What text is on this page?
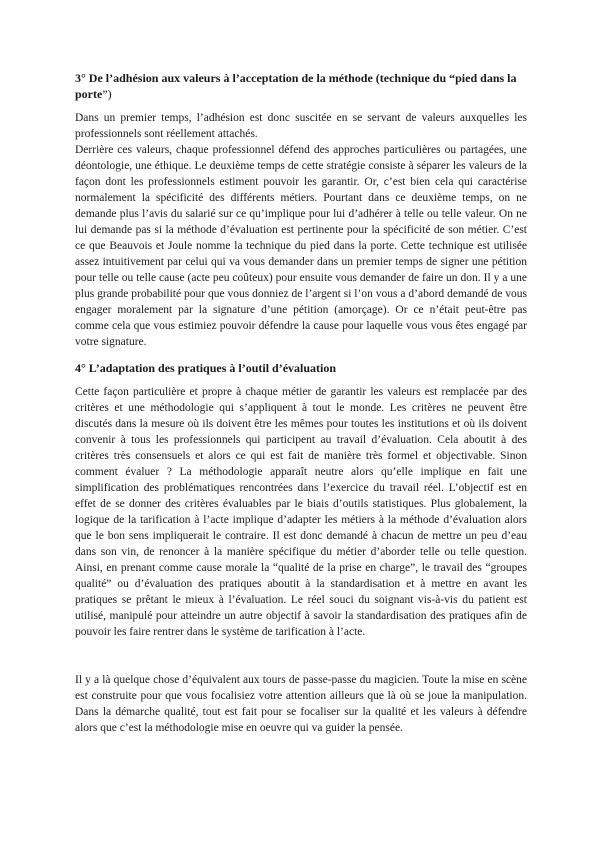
3° De l’adhésion aux valeurs à l’acceptation de la méthode (technique du “pied dans la porte”)

Dans un premier temps, l’adhésion est donc suscitée en se servant de valeurs auxquelles les professionnels sont réellement attachés.

Derrière ces valeurs, chaque professionnel défend des approches particulières ou partagées, une déontologie, une éthique. Le deuxième temps de cette stratégie consiste à séparer les valeurs de la façon dont les professionnels estiment pouvoir les garantir. Or, c’est bien cela qui caractérise normalement la spécificité des différents métiers. Pourtant dans ce deuxième temps, on ne demande plus l’avis du salarié sur ce qu’implique pour lui d’adhérer à telle ou telle valeur. On ne lui demande pas si la méthode d’évaluation est pertinente pour la spécificité de son métier. C’est ce que Beauvois et Joule nomme la technique du pied dans la porte. Cette technique est utilisée assez intuitivement par celui qui va vous demander dans un premier temps de signer une pétition pour telle ou telle cause (acte peu coûteux) pour ensuite vous demander de faire un don. Il y a une plus grande probabilité pour que vous donniez de l’argent si l’on vous a d’abord demandé de vous engager moralement par la signature d’une pétition (amorçage). Or ce n’était peut-être pas comme cela que vous estimiez pouvoir défendre la cause pour laquelle vous vous êtes engagé par votre signature.

4° L’adaptation des pratiques à l’outil d’évaluation

Cette façon particulière et propre à chaque métier de garantir les valeurs est remplacée par des critères et une méthodologie qui s’appliquent à tout le monde. Les critères ne peuvent être discutés dans la mesure où ils doivent être les mêmes pour toutes les institutions et où ils doivent convenir à tous les professionnels qui participent au travail d’évaluation. Cela aboutit à des critères très consensuels et alors ce qui est fait de manière très formel et objectivable. Sinon comment évaluer ? La méthodologie apparaît neutre alors qu’elle implique en fait une simplification des problématiques rencontrées dans l’exercice du travail réel. L’objectif est en effet de se donner des critères évaluables par le biais d’outils statistiques. Plus globalement, la logique de la tarification à l’acte implique d’adapter les métiers à la méthode d’évaluation alors que le bon sens impliquerait le contraire. Il est donc demandé à chacun de mettre un peu d’eau dans son vin, de renoncer à la manière spécifique du métier d’aborder telle ou telle question. Ainsi, en prenant comme cause morale la “qualité de la prise en charge”, le travail des “groupes qualité” ou d’évaluation des pratiques aboutit à la standardisation et à mettre en avant les pratiques se prêtant le mieux à l’évaluation. Le réel souci du soignant vis-à-vis du patient est utilisé, manipulé pour atteindre un autre objectif à savoir la standardisation des pratiques afin de pouvoir les faire rentrer dans le système de tarification à l’acte.

Il y a là quelque chose d’équivalent aux tours de passe-passe du magicien. Toute la mise en scène est construite pour que vous focalisiez votre attention ailleurs que là où se joue la manipulation. Dans la démarche qualité, tout est fait pour se focaliser sur la qualité et les valeurs à défendre alors que c’est la méthodologie mise en oeuvre qui va guider la pensée.
